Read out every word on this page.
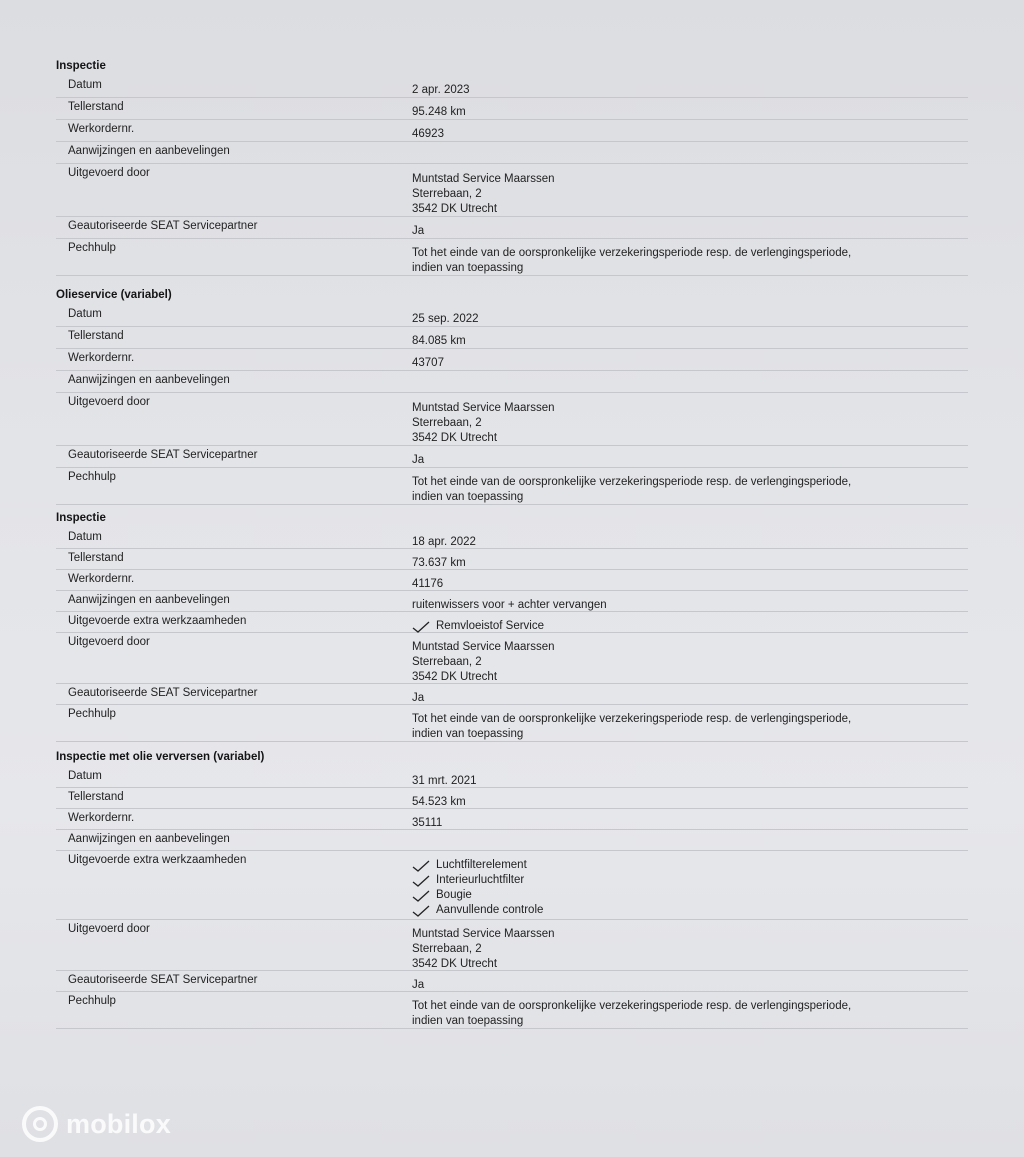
Inspectie
Datum	2 apr. 2023
Tellerstand	95.248 km
Werkordernr.	46923
Aanwijzingen en aanbevelingen
Uitgevoerd door	Muntstad Service Maarssen
Sterrebaan, 2
3542 DK Utrecht
Geautoriseerde SEAT Servicepartner	Ja
Pechhulp	Tot het einde van de oorspronkelijke verzekeringsperiode resp. de verlengingsperiode,
indien van toepassing
Olieservice (variabel)
Datum	25 sep. 2022
Tellerstand	84.085 km
Werkordernr.	43707
Aanwijzingen en aanbevelingen
Uitgevoerd door	Muntstad Service Maarssen
Sterrebaan, 2
3542 DK Utrecht
Geautoriseerde SEAT Servicepartner	Ja
Pechhulp	Tot het einde van de oorspronkelijke verzekeringsperiode resp. de verlengingsperiode,
indien van toepassing
Inspectie
Datum	18 apr. 2022
Tellerstand	73.637 km
Werkordernr.	41176
Aanwijzingen en aanbevelingen	ruitenwissers voor + achter vervangen
Uitgevoerde extra werkzaamheden	Remvloeistof Service
Uitgevoerd door	Muntstad Service Maarssen
Sterrebaan, 2
3542 DK Utrecht
Geautoriseerde SEAT Servicepartner	Ja
Pechhulp	Tot het einde van de oorspronkelijke verzekeringsperiode resp. de verlengingsperiode,
indien van toepassing
Inspectie met olie verversen (variabel)
Datum	31 mrt. 2021
Tellerstand	54.523 km
Werkordernr.	35111
Aanwijzingen en aanbevelingen
Uitgevoerde extra werkzaamheden	Luchtfilterelement
Interieurluchtfilter
Bougie
Aanvullende controle
Uitgevoerd door	Muntstad Service Maarssen
Sterrebaan, 2
3542 DK Utrecht
Geautoriseerde SEAT Servicepartner	Ja
Pechhulp	Tot het einde van de oorspronkelijke verzekeringsperiode resp. de verlengingsperiode,
indien van toepassing
mobilox
